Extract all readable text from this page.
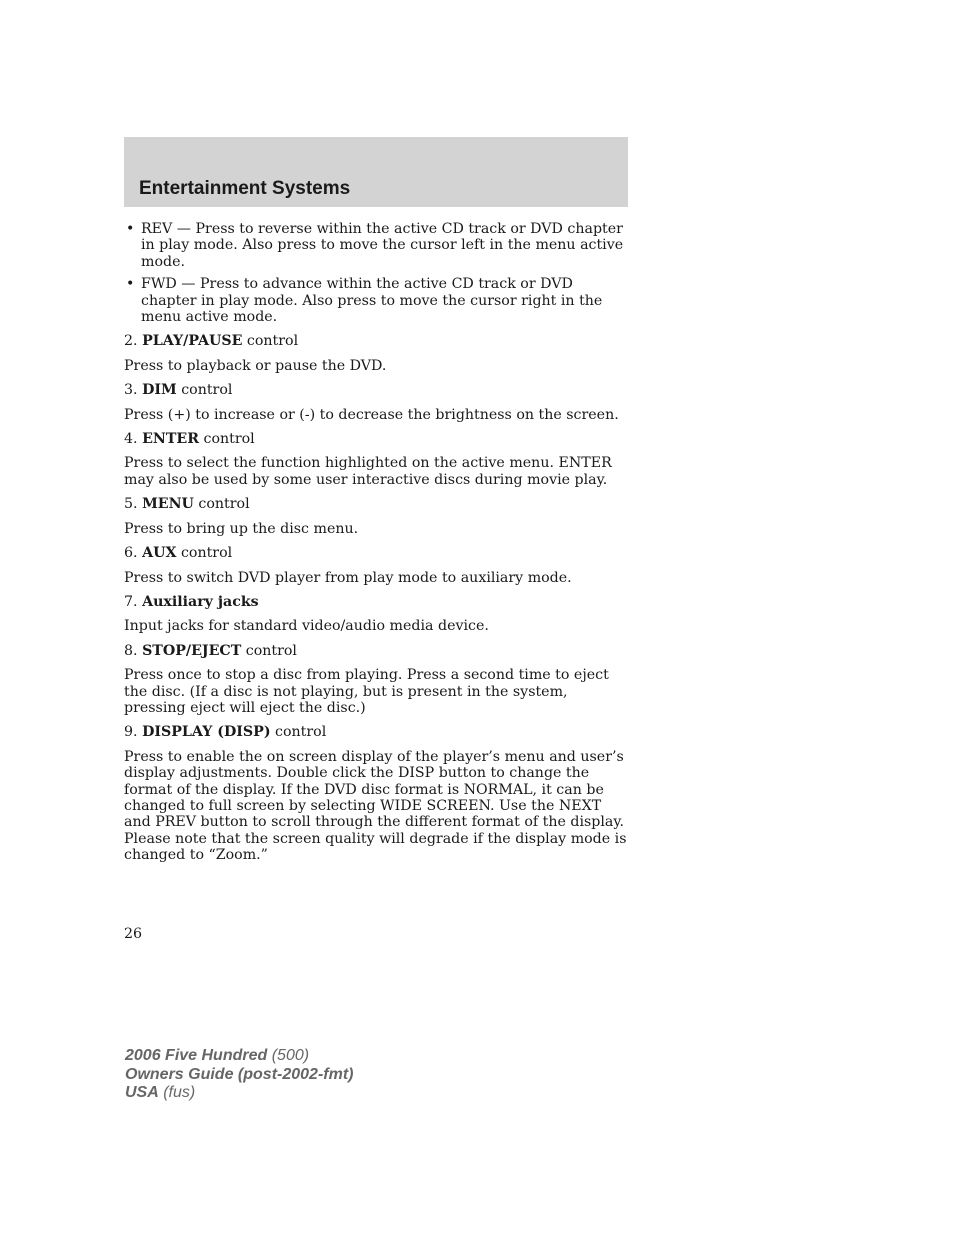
Entertainment Systems
• REV — Press to reverse within the active CD track or DVD chapter in play mode. Also press to move the cursor left in the menu active mode.
• FWD — Press to advance within the active CD track or DVD chapter in play mode. Also press to move the cursor right in the menu active mode.
2. PLAY/PAUSE control

Press to playback or pause the DVD.

3. DIM control

Press (+) to increase or (-) to decrease the brightness on the screen.

4. ENTER control

Press to select the function highlighted on the active menu. ENTER may also be used by some user interactive discs during movie play.

5. MENU control

Press to bring up the disc menu.

6. AUX control

Press to switch DVD player from play mode to auxiliary mode.

7. Auxiliary jacks

Input jacks for standard video/audio media device.

8. STOP/EJECT control

Press once to stop a disc from playing. Press a second time to eject the disc. (If a disc is not playing, but is present in the system, pressing eject will eject the disc.)

9. DISPLAY (DISP) control

Press to enable the on screen display of the player’s menu and user’s display adjustments. Double click the DISP button to change the format of the display. If the DVD disc format is NORMAL, it can be changed to full screen by selecting WIDE SCREEN. Use the NEXT and PREV button to scroll through the different format of the display. Please note that the screen quality will degrade if the display mode is changed to “Zoom.”

26
2006 Five Hundred (500)
Owners Guide (post-2002-fmt)
USA (fus)
